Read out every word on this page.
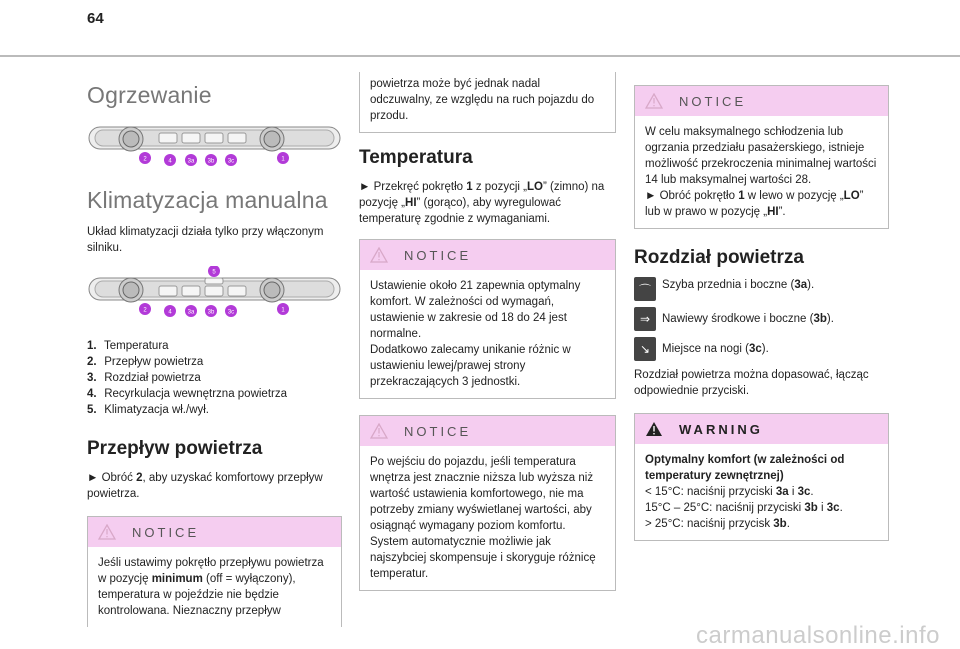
64
Ogrzewanie
2	4	3a 3b 3c	1
Klimatyzacja manualna
Układ klimatyzacji działa tylko przy włączonym silniku.
2	4	3a 3b 3c	1
5
1. Temperatura
2. Przepływ powietrza
3. Rozdział powietrza
4. Recyrkulacja wewnętrzna powietrza
5. Klimatyzacja wł./wył.
Przepływ powietrza
► Obróć 2, aby uzyskać komfortowy przepływ powietrza.
NOTICE
Jeśli ustawimy pokrętło przepływu powietrza w pozycję minimum (off = wyłączony), temperatura w pojeździe nie będzie kontrolowana. Nieznaczny przepływ
powietrza może być jednak nadal odczuwalny, ze względu na ruch pojazdu do przodu.
Temperatura
► Przekręć pokrętło 1 z pozycji „LO” (zimno) na pozycję „HI” (gorąco), aby wyregulować temperaturę zgodnie z wymaganiami.
NOTICE
Ustawienie około 21 zapewnia optymalny komfort. W zależności od wymagań, ustawienie w zakresie od 18 do 24 jest normalne.
Dodatkowo zalecamy unikanie różnic w ustawieniu lewej/prawej strony przekraczających 3 jednostki.
NOTICE
Po wejściu do pojazdu, jeśli temperatura wnętrza jest znacznie niższa lub wyższa niż wartość ustawienia komfortowego, nie ma potrzeby zmiany wyświetlanej wartości, aby osiągnąć wymagany poziom komfortu. System automatycznie możliwie jak najszybciej skompensuje i skoryguje różnicę temperatur.
NOTICE
W celu maksymalnego schłodzenia lub ogrzania przedziału pasażerskiego, istnieje możliwość przekroczenia minimalnej wartości 14 lub maksymalnej wartości 28.
► Obróć pokrętło 1 w lewo w pozycję „LO” lub w prawo w pozycję „HI”.
Rozdział powietrza
⌒ Szyba przednia i boczne (3a).
⇒	Nawiewy środkowe i boczne (3b).
↘	Miejsce na nogi (3c).
Rozdział powietrza można dopasować, łącząc odpowiednie przyciski.
WARNING
Optymalny komfort (w zależności od temperatury zewnętrznej)
< 15°C: naciśnij przyciski 3a i 3c.
15°C – 25°C: naciśnij przyciski 3b i 3c.
> 25°C: naciśnij przycisk 3b.
carmanualsonline.info
